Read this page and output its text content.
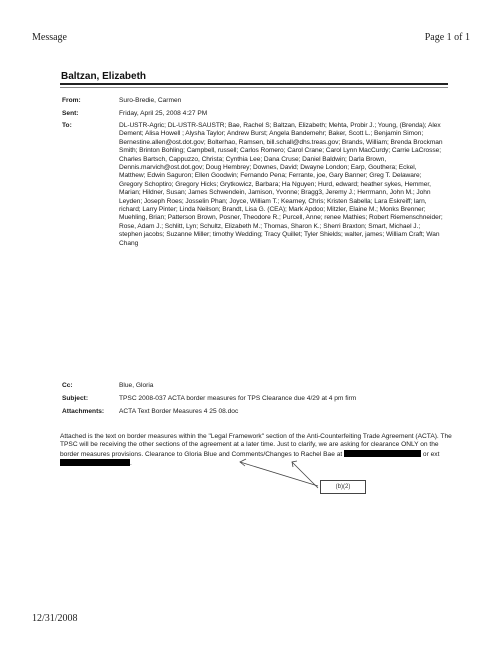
Message	Page 1 of 1
Baltzan, Elizabeth
From:	Suro-Bredie, Carmen
Sent:	Friday, April 25, 2008 4:27 PM
To:	DL-USTR-Agric; DL-USTR-SAUSTR; Bae, Rachel S; Baltzan, Elizabeth; Mehta, Probir J.; Young, (Brenda); Alex Dement; Alisa Howell ; Alysha Taylor; Andrew Burst; Angela Bandemehr; Baker, Scott L.; Benjamin Simon; Bernestine.allen@ost.dot.gov; Bolterhao, Ramsen, bill.schall@dhs.treas.gov; Brands, William; Brenda Brockman Smith; Brinton Bohling; Campbell, russell; Carlos Romero; Carol Crane; Carol Lynn MacCurdy; Carrie LaCrosse; Charles Bartsch, Cappuzzo, Christa; Cynthia Lee; Dana Cruse; Daniel Baldwin; Darla Brown, Dennis.marvich@ost.dot.gov; Doug Hembrey; Downes, David; Dwayne London; Earp, Gouthera; Eckel, Matthew; Edwin Saguron; Ellen Goodwin; Fernando Pena; Ferrante, joe, Gary Banner; Greg T. Delaware; Gregory Schoptiro; Gregory Hicks; Grytkowicz, Barbara; Ha Nguyen; Hurd, edward; heather sykes, Hemmer, Marian; Hildner, Susan; James Schwendein, Jamison, Yvonne; Bragg3, Jeremy J.; Herrmann, John M.; John Leyden; Joseph Roes; Josselin Phan; Joyce, William T.; Kearney, Chris; Kristen Sabella; Lara Eskreiff; larn, richard; Larry Pinter; Linda Neilson; Brandt, Lisa G. (CEA); Mark Apdoo; Mitzler, Elaine M.; Monks Brenner; Muehling, Brian; Patterson Brown, Posner, Theodore R.; Purcell, Anne; renee Mathies; Robert Riemenschneider; Rose, Adam J.; Schlitt, Lyn; Schultz, Elizabeth M.; Thomas, Sharon K.; Sherri Braxton; Smart, Michael J.; stephen jacobs; Suzanne Miller; timothy Wedding; Tracy Quillet; Tyler Shields; walter, james; William Craft; Wan Chang
Cc:	Blue, Gloria
Subject:	TPSC 2008-037 ACTA border measures for TPS Clearance due 4/29 at 4 pm firm
Attachments:	ACTA Text Border Measures 4 25 08.doc
Attached is the text on border measures within the "Legal Framework" section of the Anti-Counterfeiting Trade Agreement (ACTA). The TPSC will be receiving the other sections of the agreement at a later time. Just to clarify, we are asking for clearance ONLY on the border measures provisions. Clearance to Gloria Blue and Comments/Changes to Rachel Bae at	or ext.
(b)(2)
12/31/2008
